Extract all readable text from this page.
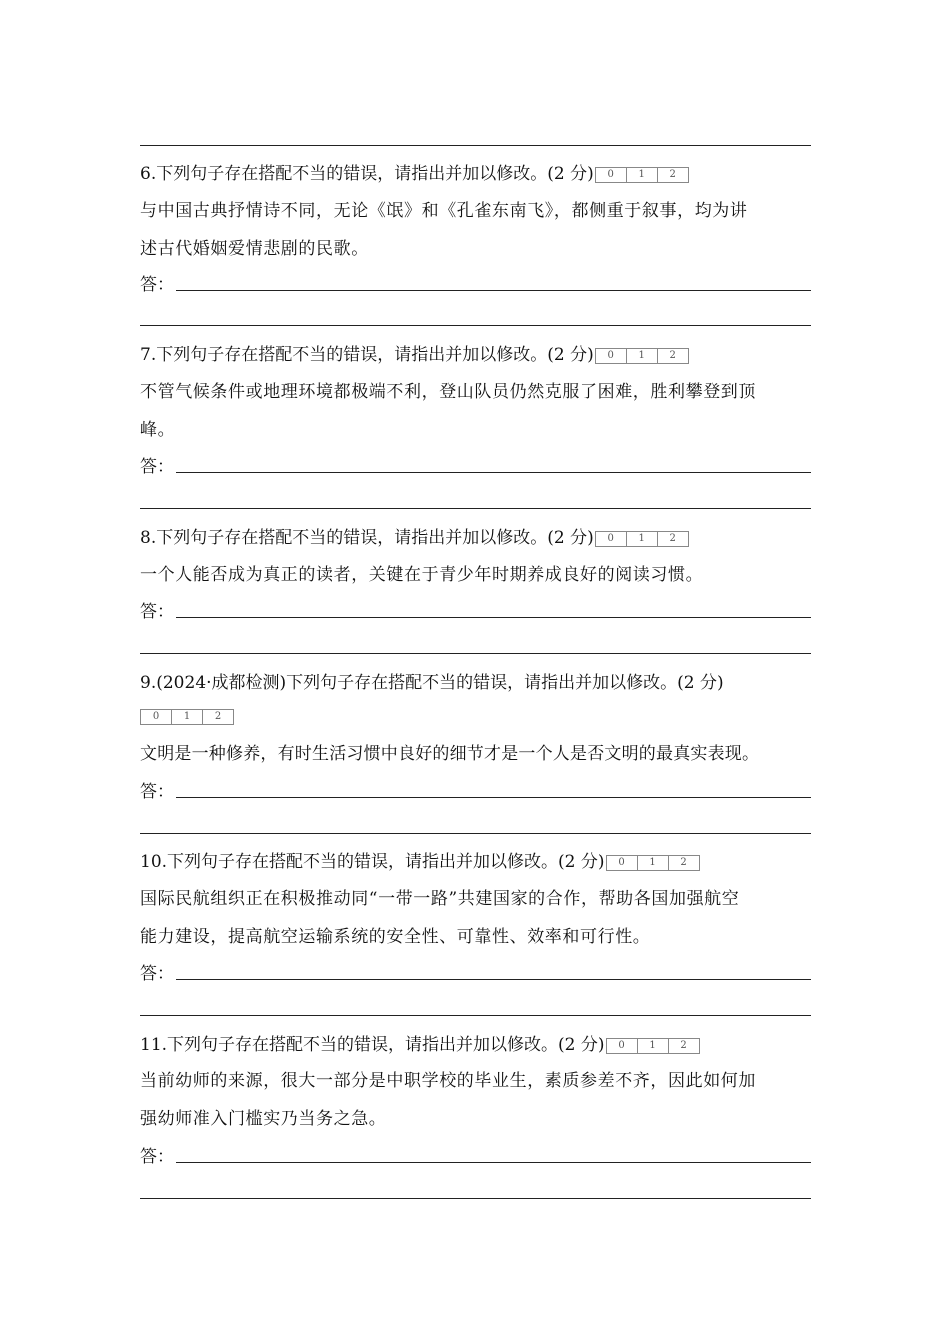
6.下列句子存在搭配不当的错误，请指出并加以修改。(2 分) 0 1 2
与中国古典抒情诗不同，无论《氓》和《孔雀东南飞》，都侧重于叙事，均为讲
述古代婚姻爱情悲剧的民歌。
答：
7.下列句子存在搭配不当的错误，请指出并加以修改。(2 分) 0 1 2
不管气候条件或地理环境都极端不利，登山队员仍然克服了困难，胜利攀登到顶
峰。
答：
8.下列句子存在搭配不当的错误，请指出并加以修改。(2 分) 0 1 2
一个人能否成为真正的读者，关键在于青少年时期养成良好的阅读习惯。
答：
9.(2024·成都检测)下列句子存在搭配不当的错误，请指出并加以修改。(2 分)
0 1 2
文明是一种修养，有时生活习惯中良好的细节才是一个人是否文明的最真实表现。
答：
10.下列句子存在搭配不当的错误，请指出并加以修改。(2 分) 0 1 2
国际民航组织正在积极推动同“一带一路”共建国家的合作，帮助各国加强航空
能力建设，提高航空运输系统的安全性、可靠性、效率和可行性。
答：
11.下列句子存在搭配不当的错误，请指出并加以修改。(2 分) 0 1 2
当前幼师的来源，很大一部分是中职学校的毕业生，素质参差不齐，因此如何加
强幼师准入门槛实乃当务之急。
答：
